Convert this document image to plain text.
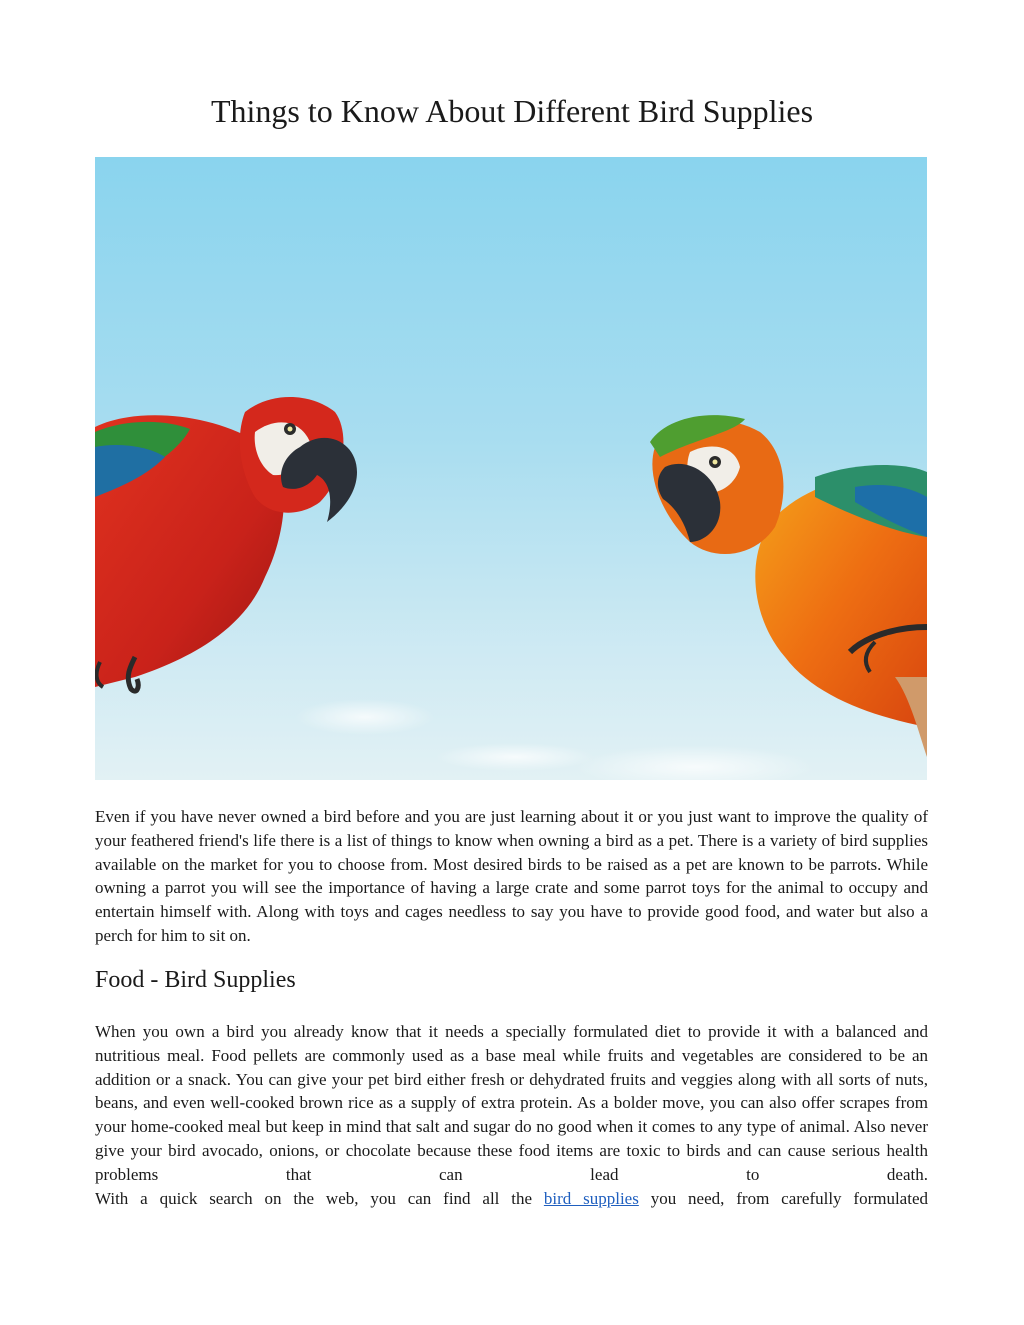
Things to Know About Different Bird Supplies

Even if you have never owned a bird before and you are just learning about it or you just want to improve the quality of your feathered friend's life there is a list of things to know when owning a bird as a pet. There is a variety of bird supplies available on the market for you to choose from. Most desired birds to be raised as a pet are known to be parrots. While owning a parrot you will see the importance of having a large crate and some parrot toys for the animal to occupy and entertain himself with. Along with toys and cages needless to say you have to provide good food, and water but also a perch for him to sit on.

Food - Bird Supplies

When you own a bird you already know that it needs a specially formulated diet to provide it with a balanced and nutritious meal. Food pellets are commonly used as a base meal while fruits and vegetables are considered to be an addition or a snack. You can give your pet bird either fresh or dehydrated fruits and veggies along with all sorts of nuts, beans, and even well-cooked brown rice as a supply of extra protein. As a bolder move, you can also offer scrapes from your home-cooked meal but keep in mind that salt and sugar do no good when it comes to any type of animal. Also never give your bird avocado, onions, or chocolate because these food items are toxic to birds and can cause serious health problems that can lead to death.
With a quick search on the web, you can find all the bird supplies you need, from carefully formulated
